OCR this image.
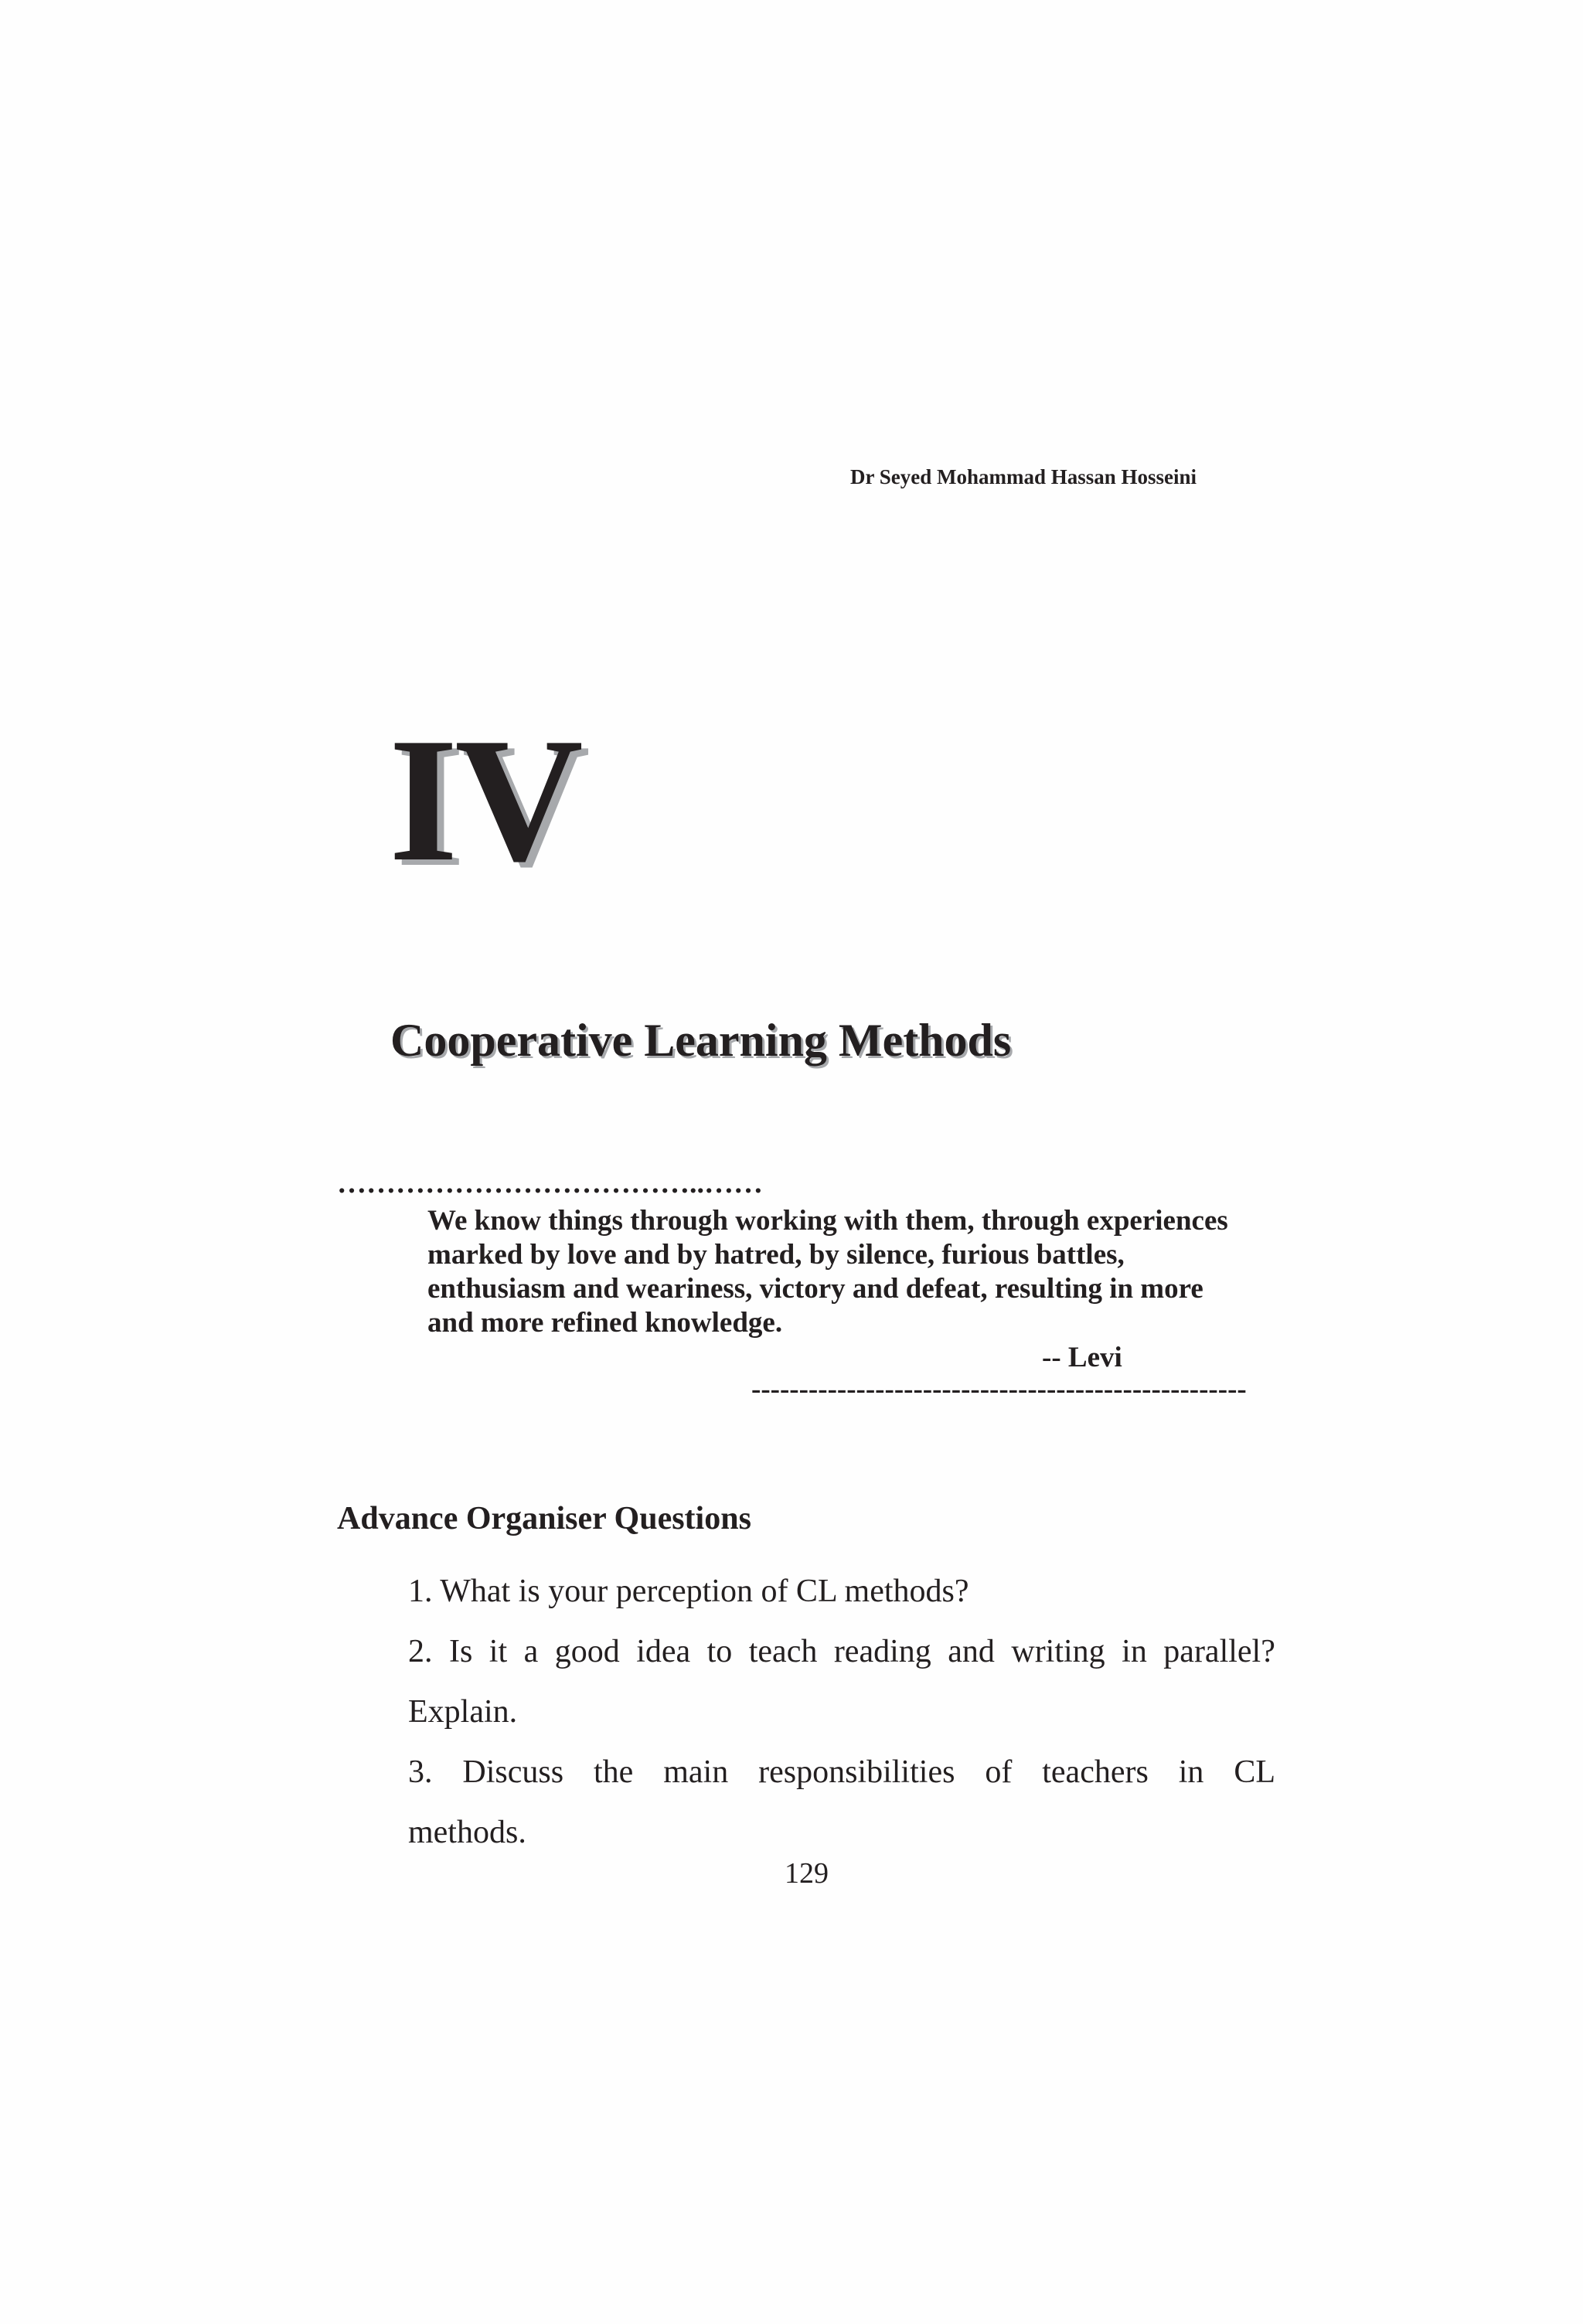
Dr Seyed Mohammad Hassan Hosseini
IV
Cooperative Learning Methods
………………………………..……
We know things through working with them, through experiences
marked by love and by hatred, by silence, furious battles,
enthusiasm and weariness, victory and defeat, resulting in more
and more refined knowledge.
-- Levi
----------------------------------------------------
Advance Organiser Questions
1. What is your perception of CL methods?
2. Is it a good idea to teach reading and writing in parallel?
Explain.
3. Discuss the main responsibilities of teachers in CL
methods.
129
